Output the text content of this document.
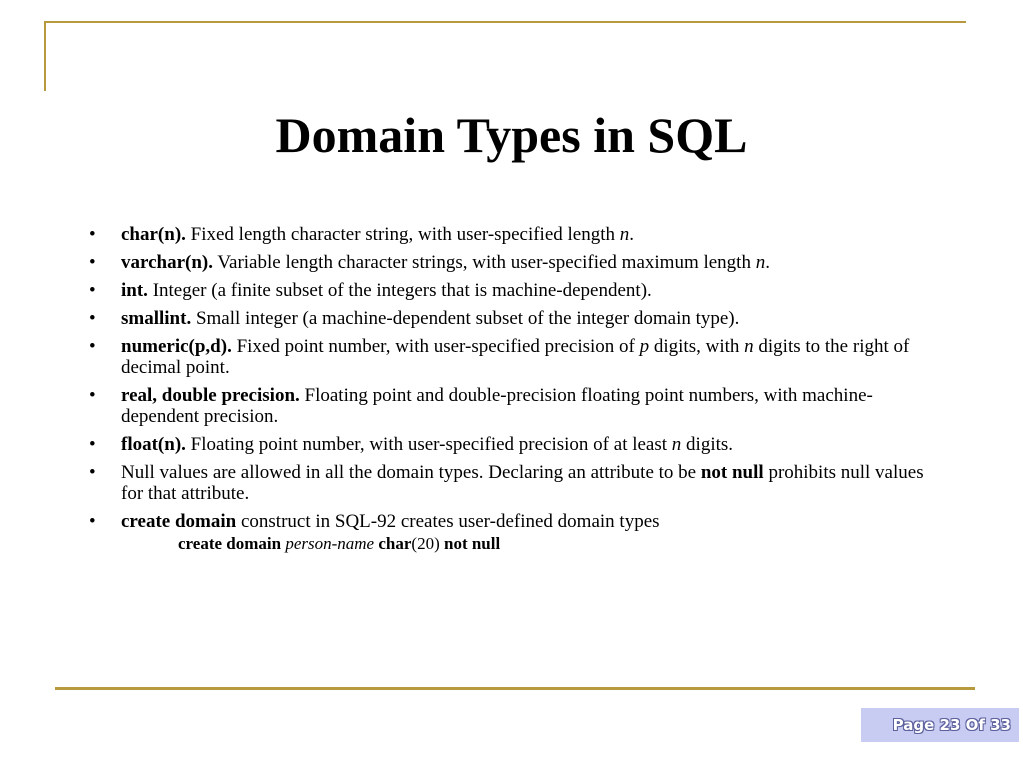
Domain Types in SQL
• char(n). Fixed length character string, with user-specified length n.
• varchar(n). Variable length character strings, with user-specified maximum length n.
• int. Integer (a finite subset of the integers that is machine-dependent).
• smallint. Small integer (a machine-dependent subset of the integer domain type).
• numeric(p,d). Fixed point number, with user-specified precision of p digits, with n digits to the right of decimal point.
• real, double precision. Floating point and double-precision floating point numbers, with machine-dependent precision.
• float(n). Floating point number, with user-specified precision of at least n digits.
• Null values are allowed in all the domain types. Declaring an attribute to be not null prohibits null values for that attribute.
• create domain construct in SQL-92 creates user-defined domain types
create domain person-name char(20) not null
Page 23 Of 33
